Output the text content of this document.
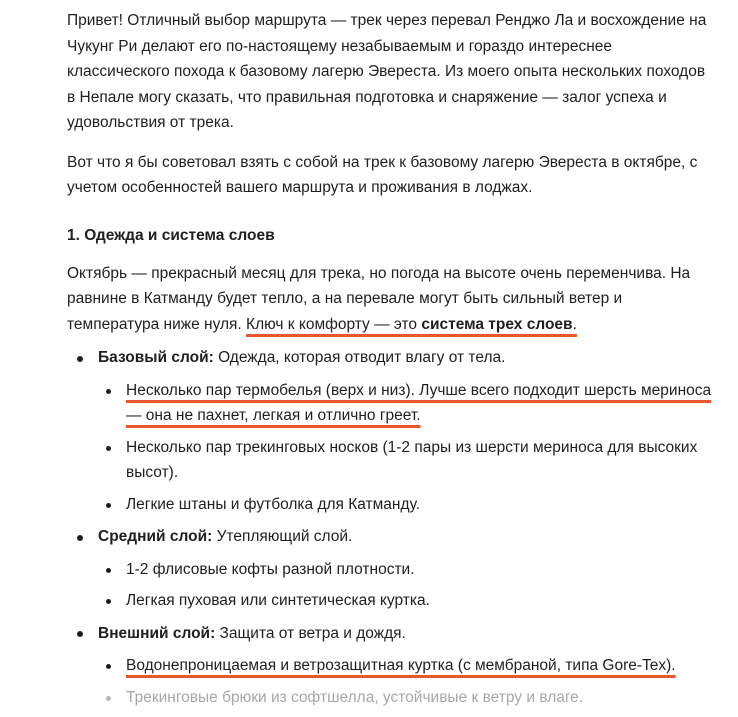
Привет! Отличный выбор маршрута — трек через перевал Ренджо Ла и восхождение на Чукунг Ри делают его по-настоящему незабываемым и гораздо интереснее классического похода к базовому лагерю Эвереста. Из моего опыта нескольких походов в Непале могу сказать, что правильная подготовка и снаряжение — залог успеха и удовольствия от трека.

Вот что я бы советовал взять с собой на трек к базовому лагерю Эвереста в октябре, с учетом особенностей вашего маршрута и проживания в лоджах.

1. Одежда и система слоев

Октябрь — прекрасный месяц для трека, но погода на высоте очень переменчива. На равнине в Катманду будет тепло, а на перевале могут быть сильный ветер и температура ниже нуля. Ключ к комфорту — это система трех слоев.

Базовый слой: Одежда, которая отводит влагу от тела.
Несколько пар термобелья (верх и низ). Лучше всего подходит шерсть мериноса — она не пахнет, легкая и отлично греет.
Несколько пар трекинговых носков (1-2 пары из шерсти мериноса для высоких высот).
Легкие штаны и футболка для Катманду.
Средний слой: Утепляющий слой.
1-2 флисовые кофты разной плотности.
Легкая пуховая или синтетическая куртка.
Внешний слой: Защита от ветра и дождя.
Водонепроницаемая и ветрозащитная куртка (с мембраной, типа Gore-Tex).
Трекинговые брюки из софтшелла, устойчивые к ветру и влаге.
